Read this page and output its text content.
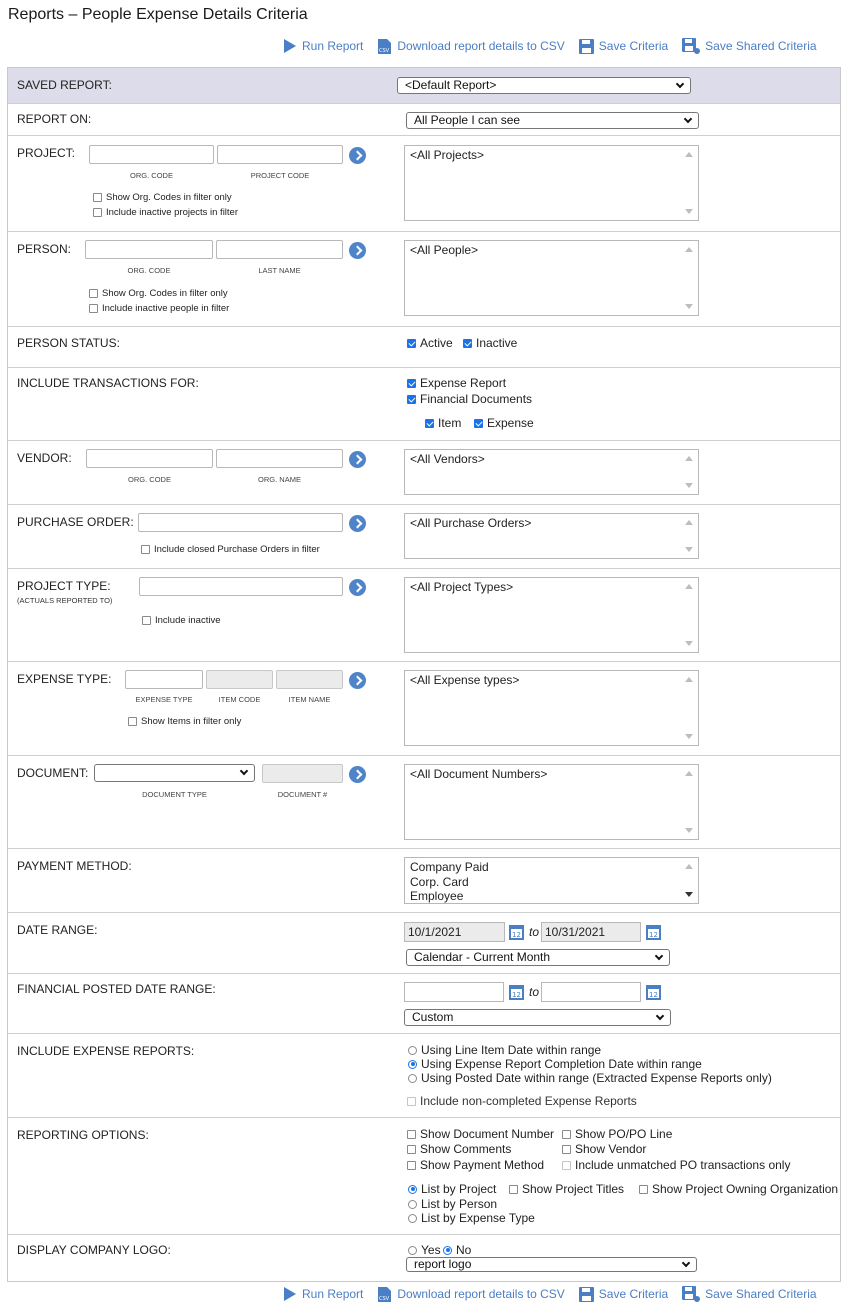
Reports – People Expense Details Criteria
Run Report	CSV Download report details to CSV	Save Criteria	Save Shared Criteria
SAVED REPORT:	<Default Report>
REPORT ON:	All People I can see
PROJECT:
ORG. CODE	PROJECT CODE
Show Org. Codes in filter only
Include inactive projects in filter
<All Projects>
PERSON:
ORG. CODE	LAST NAME
Show Org. Codes in filter only
Include inactive people in filter
<All People>
PERSON STATUS:	Active Inactive
INCLUDE TRANSACTIONS FOR:	Expense Report
Financial Documents
Item Expense
VENDOR:
ORG. CODE	ORG. NAME
<All Vendors>
PURCHASE ORDER:
Include closed Purchase Orders in filter
<All Purchase Orders>
PROJECT TYPE:
(ACTUALS REPORTED TO)
Include inactive
<All Project Types>
EXPENSE TYPE:
EXPENSE TYPE	ITEM CODE	ITEM NAME
Show Items in filter only
<All Expense types>
DOCUMENT:
DOCUMENT TYPE	DOCUMENT #
<All Document Numbers>
PAYMENT METHOD:	Company Paid
Corp. Card
Employee
DATE RANGE:	10/1/2021	12 to 10/31/2021	12
Calendar - Current Month
FINANCIAL POSTED DATE RANGE:	12 to	12
Custom
INCLUDE EXPENSE REPORTS:	Using Line Item Date within range
Using Expense Report Completion Date within range
Using Posted Date within range (Extracted Expense Reports only)
Include non-completed Expense Reports
REPORTING OPTIONS:	Show Document Number Show PO/PO Line
Show Comments	Show Vendor
Show Payment Method	Include unmatched PO transactions only
List by Project Show Project Titles Show Project Owning Organization
List by Person
List by Expense Type
DISPLAY COMPANY LOGO:	Yes No
report logo
Run Report	CSV Download report details to CSV	Save Criteria	Save Shared Criteria
